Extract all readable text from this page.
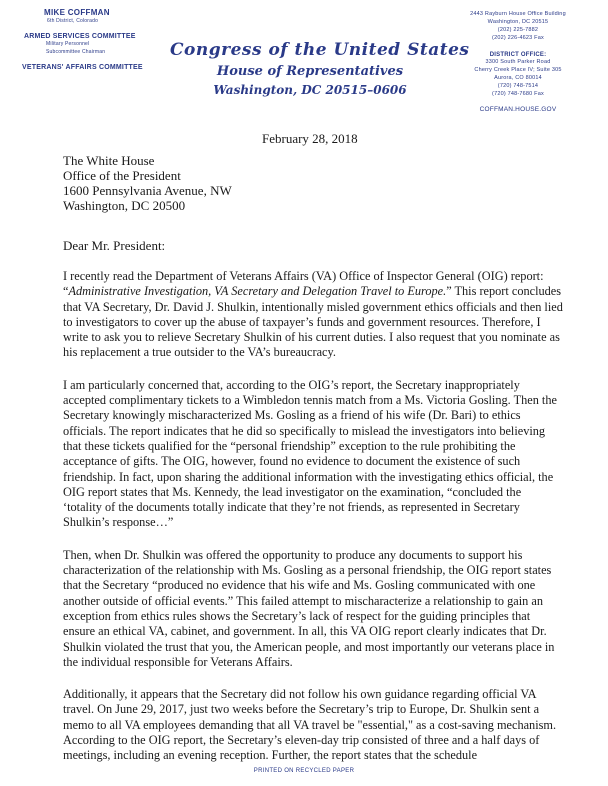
MIKE COFFMAN
6th District, Colorado
ARMED SERVICES COMMITTEE
Military Personnel
Subcommittee Chairman
VETERANS' AFFAIRS COMMITTEE
Congress of the United States
House of Representatives
Washington, DC 20515–0606
2443 Rayburn House Office Building
Washington, DC 20515
(202) 225-7882
(202) 226-4623 Fax
DISTRICT OFFICE:
3300 South Parker Road
Cherry Creek Place IV; Suite 305
Aurora, CO 80014
(720) 748-7514
(720) 748-7680 Fax
COFFMAN.HOUSE.GOV
February 28, 2018
The White House
Office of the President
1600 Pennsylvania Avenue, NW
Washington, DC 20500
Dear Mr. President:

I recently read the Department of Veterans Affairs (VA) Office of Inspector General (OIG) report: “Administrative Investigation, VA Secretary and Delegation Travel to Europe.” This report concludes that VA Secretary, Dr. David J. Shulkin, intentionally misled government ethics officials and then lied to investigators to cover up the abuse of taxpayer’s funds and government resources. Therefore, I write to ask you to relieve Secretary Shulkin of his current duties. I also request that you nominate as his replacement a true outsider to the VA’s bureaucracy.

I am particularly concerned that, according to the OIG’s report, the Secretary inappropriately accepted complimentary tickets to a Wimbledon tennis match from a Ms. Victoria Gosling. Then the Secretary knowingly mischaracterized Ms. Gosling as a friend of his wife (Dr. Bari) to ethics officials. The report indicates that he did so specifically to mislead the investigators into believing that these tickets qualified for the “personal friendship” exception to the rule prohibiting the acceptance of gifts. The OIG, however, found no evidence to document the existence of such friendship. In fact, upon sharing the additional information with the investigating ethics official, the OIG report states that Ms. Kennedy, the lead investigator on the examination, “concluded the ‘totality of the documents totally indicate that they’re not friends, as represented in Secretary Shulkin’s response…”

Then, when Dr. Shulkin was offered the opportunity to produce any documents to support his characterization of the relationship with Ms. Gosling as a personal friendship, the OIG report states that the Secretary “produced no evidence that his wife and Ms. Gosling communicated with one another outside of official events.” This failed attempt to mischaracterize a relationship to gain an exception from ethics rules shows the Secretary’s lack of respect for the guiding principles that ensure an ethical VA, cabinet, and government. In all, this VA OIG report clearly indicates that Dr. Shulkin violated the trust that you, the American people, and most importantly our veterans place in the individual responsible for Veterans Affairs.

Additionally, it appears that the Secretary did not follow his own guidance regarding official VA travel. On June 29, 2017, just two weeks before the Secretary’s trip to Europe, Dr. Shulkin sent a memo to all VA employees demanding that all VA travel be "essential," as a cost-saving mechanism. According to the OIG report, the Secretary’s eleven-day trip consisted of three and a half days of meetings, including an evening reception. Further, the report states that the schedule

PRINTED ON RECYCLED PAPER
